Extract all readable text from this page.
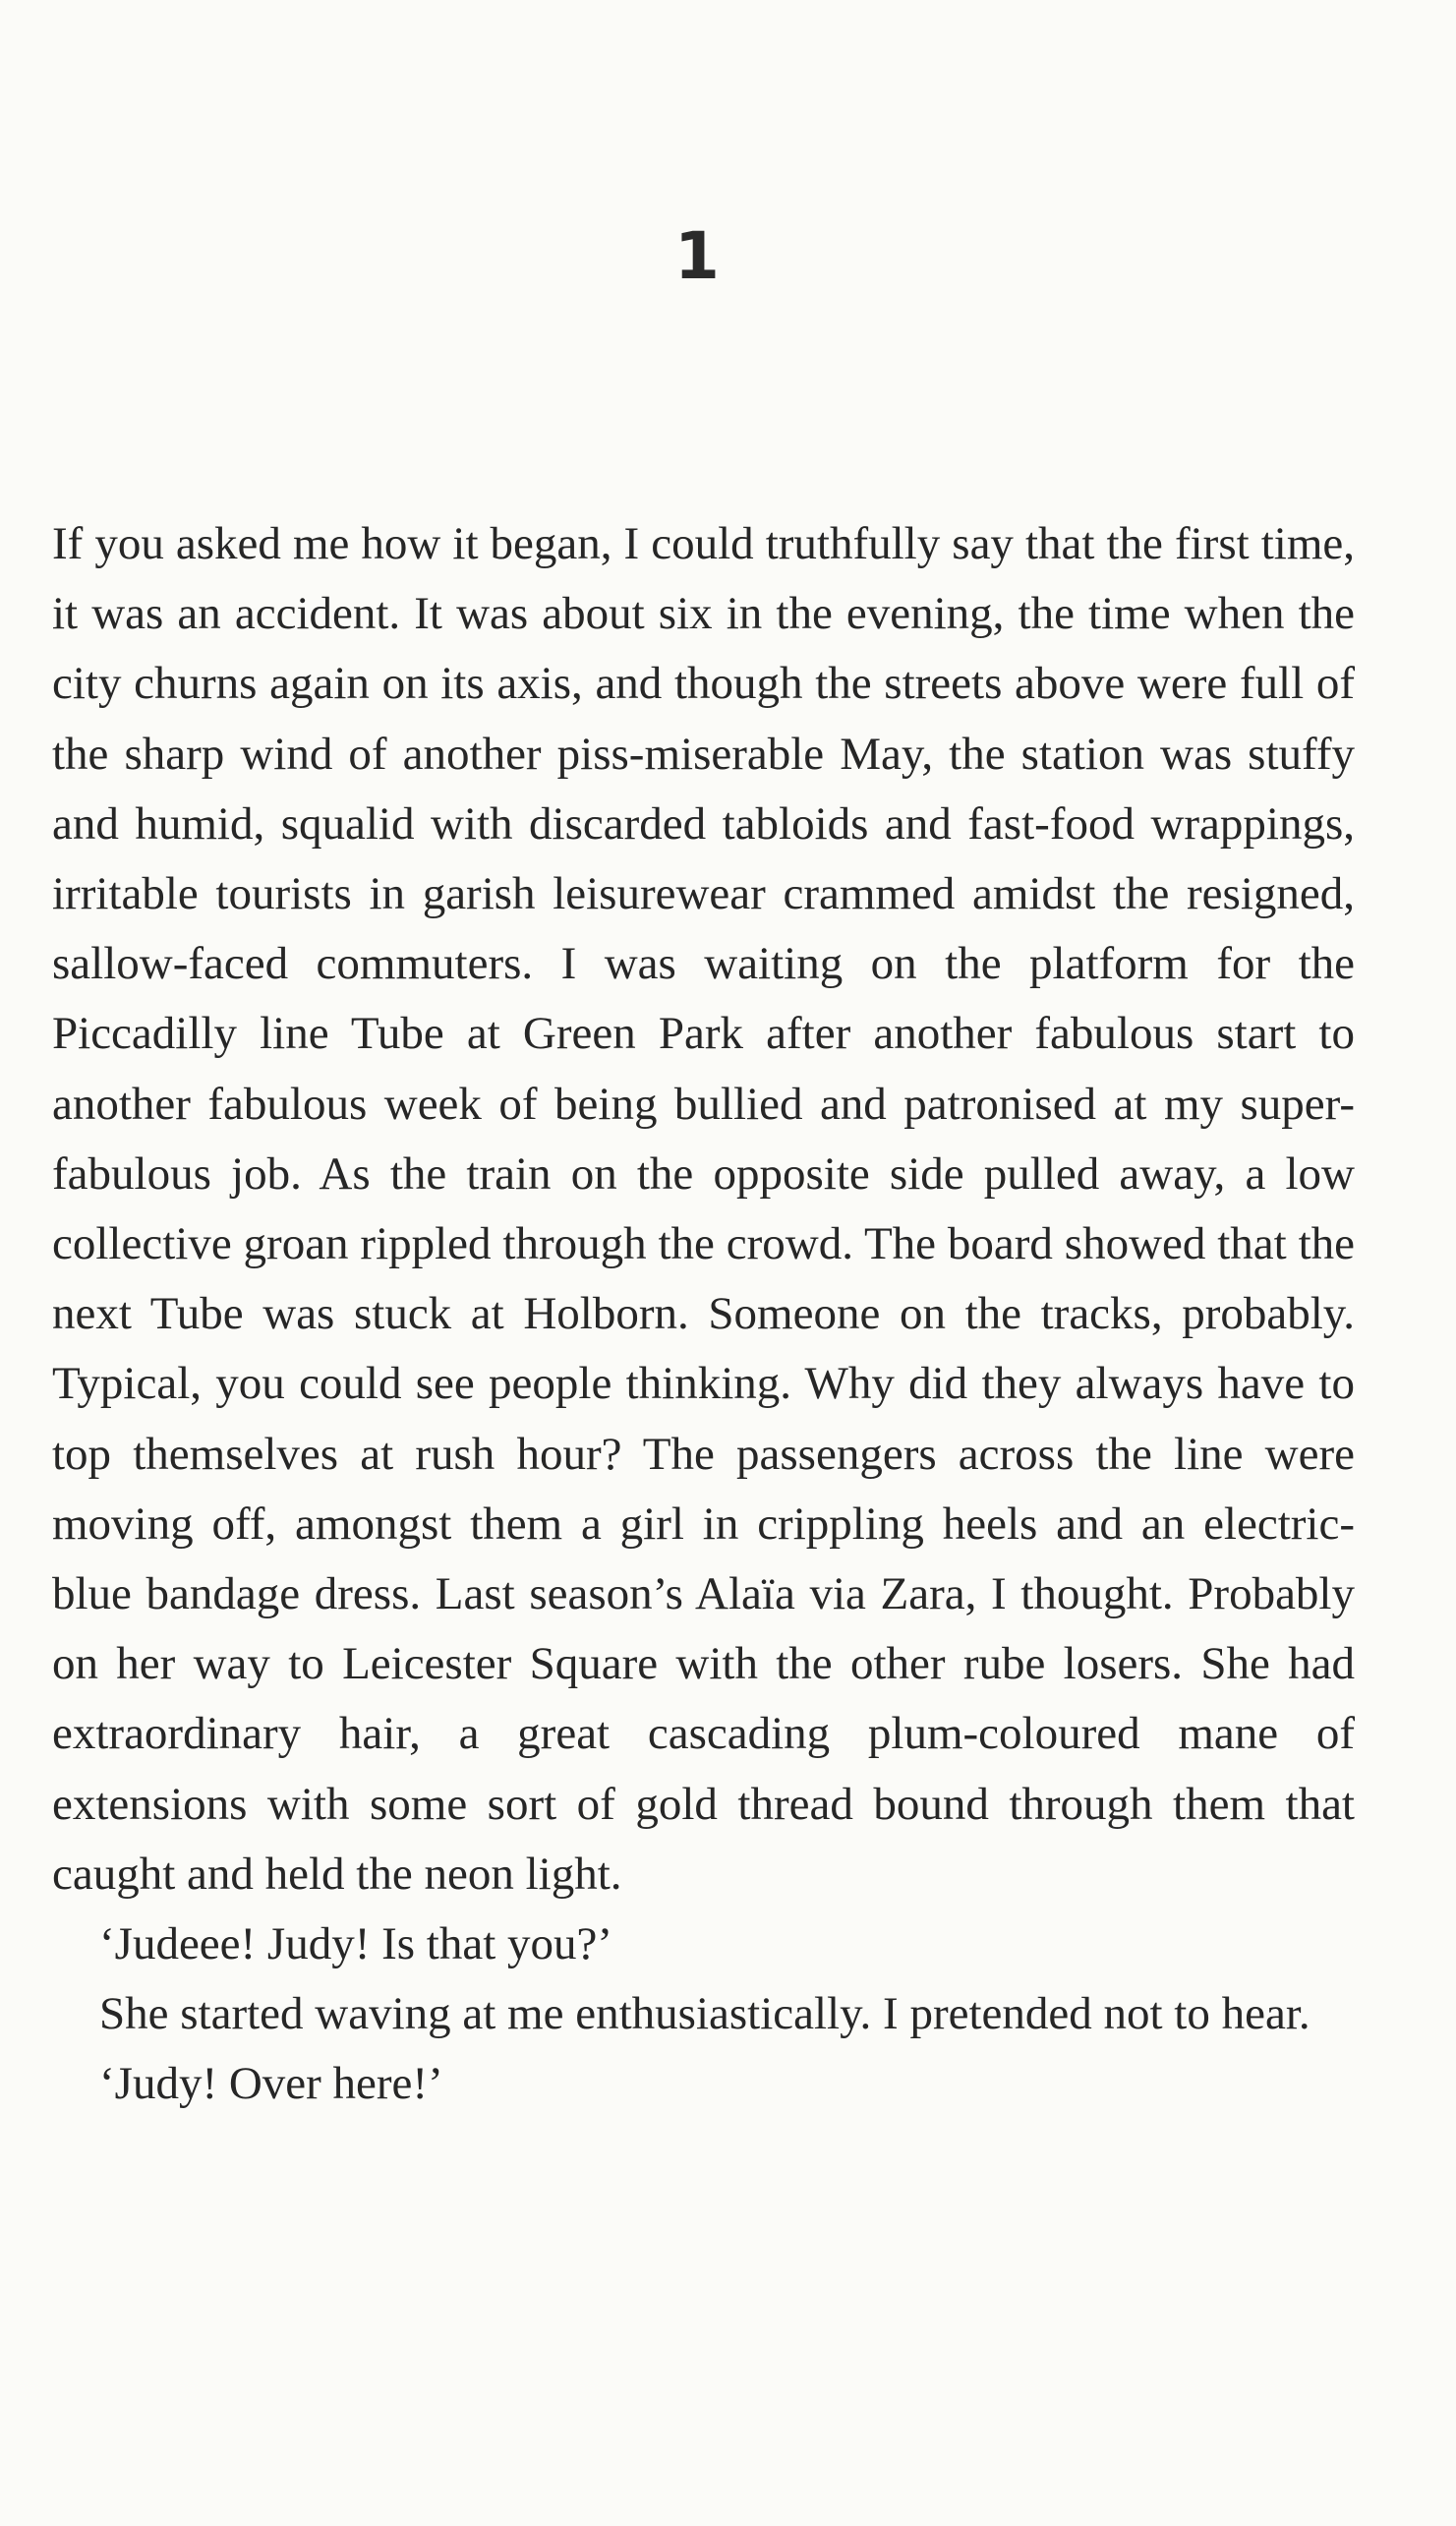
1

If you asked me how it began, I could truthfully say that the first time, it was an accident. It was about six in the evening, the time when the city churns again on its axis, and though the streets above were full of the sharp wind of another piss-miserable May, the station was stuffy and humid, squalid with discarded tabloids and fast-food wrappings, irritable tourists in garish leisurewear crammed amidst the resigned, sallow-faced commuters. I was waiting on the platform for the Piccadilly line Tube at Green Park after another fabulous start to another fabulous week of being bullied and patronised at my super-fabulous job. As the train on the opposite side pulled away, a low collective groan rippled through the crowd. The board showed that the next Tube was stuck at Holborn. Someone on the tracks, probably. Typical, you could see people thinking. Why did they always have to top themselves at rush hour? The passengers across the line were moving off, amongst them a girl in crippling heels and an electric-blue bandage dress. Last season’s Alaïa via Zara, I thought. Probably on her way to Leicester Square with the other rube losers. She had extraordinary hair, a great cascading plum-coloured mane of extensions with some sort of gold thread bound through them that caught and held the neon light.

‘Judeee! Judy! Is that you?’

She started waving at me enthusiastically. I pretended not to hear.

‘Judy! Over here!’
